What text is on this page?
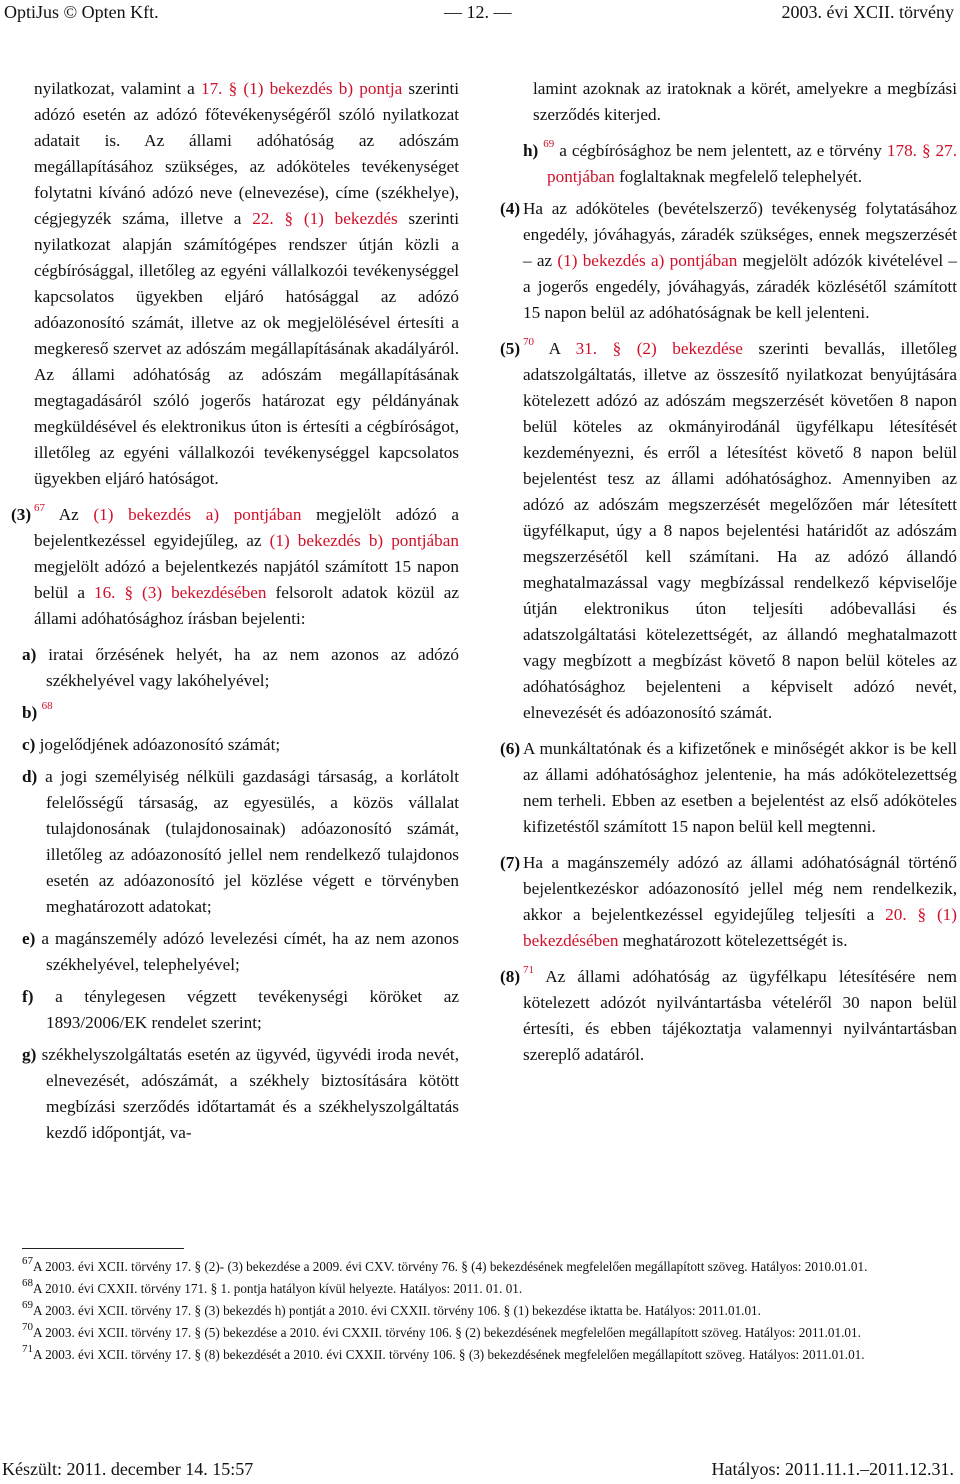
OptiJus © Opten Kft.	— 12. —	2003. évi XCII. törvény
nyilatkozat, valamint a 17. § (1) bekezdés b) pontja szerinti adózó esetén az adózó főtevékenységéről szóló nyilatkozat adatait is. Az állami adóhatóság az adószám megállapításához szükséges, az adóköteles tevékenységet folytatni kívánó adózó neve (elnevezése), címe (székhelye), cégjegyzék száma, illetve a 22. § (1) bekezdés szerinti nyilatkozat alapján számítógépes rendszer útján közli a cégbírósággal, illetőleg az egyéni vállalkozói tevékenységgel kapcsolatos ügyekben eljáró hatósággal az adózó adóazonosító számát, illetve az ok megjelölésével értesíti a megkereső szervet az adószám megállapításának akadályáról. Az állami adóhatóság az adószám megállapításának megtagadásáról szóló jogerős határozat egy példányának megküldésével és elektronikus úton is értesíti a cégbíróságot, illetőleg az egyéni vállalkozói tevékenységgel kapcsolatos ügyekben eljáró hatóságot.
(3) $^{67}$ Az (1) bekezdés a) pontjában megjelölt adózó a bejelentkezéssel egyidejűleg, az (1) bekezdés b) pontjában megjelölt adózó a bejelentkezés napjától számított 15 napon belül a 16. § (3) bekezdésében felsorolt adatok közül az állami adóhatósághoz írásban bejelenti:
a) iratai őrzésének helyét, ha az nem azonos az adózó székhelyével vagy lakóhelyével;
b) $^{68}$
c) jogelődjének adóazonosító számát;
d) a jogi személyiség nélküli gazdasági társaság, a korlátolt felelősségű társaság, az egyesülés, a közös vállalat tulajdonosának (tulajdonosainak) adóazonosító számát, illetőleg az adóazonosító jellel nem rendelkező tulajdonos esetén az adóazonosító jel közlése végett e törvényben meghatározott adatokat;
e) a magánszemély adózó levelezési címét, ha az nem azonos székhelyével, telephelyével;
f) a ténylegesen végzett tevékenységi köröket az 1893/2006/EK rendelet szerint;
g) székhelyszolgáltatás esetén az ügyvéd, ügyvédi iroda nevét, elnevezését, adószámát, a székhely biztosítására kötött megbízási szerződés időtartamát és a székhelyszolgáltatás kezdő időpontját, va-
lamint azoknak az iratoknak a körét, amelyekre a megbízási szerződés kiterjed.
h) $^{69}$ a cégbírósághoz be nem jelentett, az e törvény 178. § 27. pontjában foglaltaknak megfelelő telephelyét.
(4) Ha az adóköteles (bevételszerző) tevékenység folytatásához engedély, jóváhagyás, záradék szükséges, ennek megszerzését – az (1) bekezdés a) pontjában megjelölt adózók kivételével – a jogerős engedély, jóváhagyás, záradék közlésétől számított 15 napon belül az adóhatóságnak be kell jelenteni.
(5) $^{70}$ A 31. § (2) bekezdése szerinti bevallás, illetőleg adatszolgáltatás, illetve az összesítő nyilatkozat benyújtására kötelezett adózó az adószám megszerzését követően 8 napon belül köteles az okmányirodánál ügyfélkapu létesítését kezdeményezni, és erről a létesítést követő 8 napon belül bejelentést tesz az állami adóhatósághoz. Amennyiben az adózó az adószám megszerzését megelőzően már létesített ügyfélkaput, úgy a 8 napos bejelentési határidőt az adószám megszerzésétől kell számítani. Ha az adózó állandó meghatalmazással vagy megbízással rendelkező képviselője útján elektronikus úton teljesíti adóbevallási és adatszolgáltatási kötelezettségét, az állandó meghatalmazott vagy megbízott a megbízást követő 8 napon belül köteles az adóhatósághoz bejelenteni a képviselt adózó nevét, elnevezését és adóazonosító számát.
(6) A munkáltatónak és a kifizetőnek e minőségét akkor is be kell az állami adóhatósághoz jelentenie, ha más adókötelezettség nem terheli. Ebben az esetben a bejelentést az első adóköteles kifizetéstől számított 15 napon belül kell megtenni.
(7) Ha a magánszemély adózó az állami adóhatóságnál történő bejelentkezéskor adóazonosító jellel még nem rendelkezik, akkor a bejelentkezéssel egyidejűleg teljesíti a 20. § (1) bekezdésében meghatározott kötelezettségét is.
(8) $^{71}$ Az állami adóhatóság az ügyfélkapu létesítésére nem kötelezett adózót nyilvántartásba vételéről 30 napon belül értesíti, és ebben tájékoztatja valamennyi nyilvántartásban szereplő adatáról.

$^{67}$A 2003. évi XCII. törvény 17. § (2)- (3) bekezdése a 2009. évi CXV. törvény 76. § (4) bekezdésének megfelelően megállapított szöveg. Hatályos: 2010.01.01.

$^{68}$A 2010. évi CXXII. törvény 171. § 1. pontja hatályon kívül helyezte. Hatályos: 2011. 01. 01.

$^{69}$A 2003. évi XCII. törvény 17. § (3) bekezdés h) pontját a 2010. évi CXXII. törvény 106. § (1) bekezdése iktatta be. Hatályos: 2011.01.01.

$^{70}$A 2003. évi XCII. törvény 17. § (5) bekezdése a 2010. évi CXXII. törvény 106. § (2) bekezdésének megfelelően megállapított szöveg. Hatályos: 2011.01.01.

$^{71}$A 2003. évi XCII. törvény 17. § (8) bekezdését a 2010. évi CXXII. törvény 106. § (3) bekezdésének megfelelően megállapított szöveg. Hatályos: 2011.01.01.

Készült: 2011. december 14. 15:57	Hatályos: 2011.11.1.–2011.12.31.
